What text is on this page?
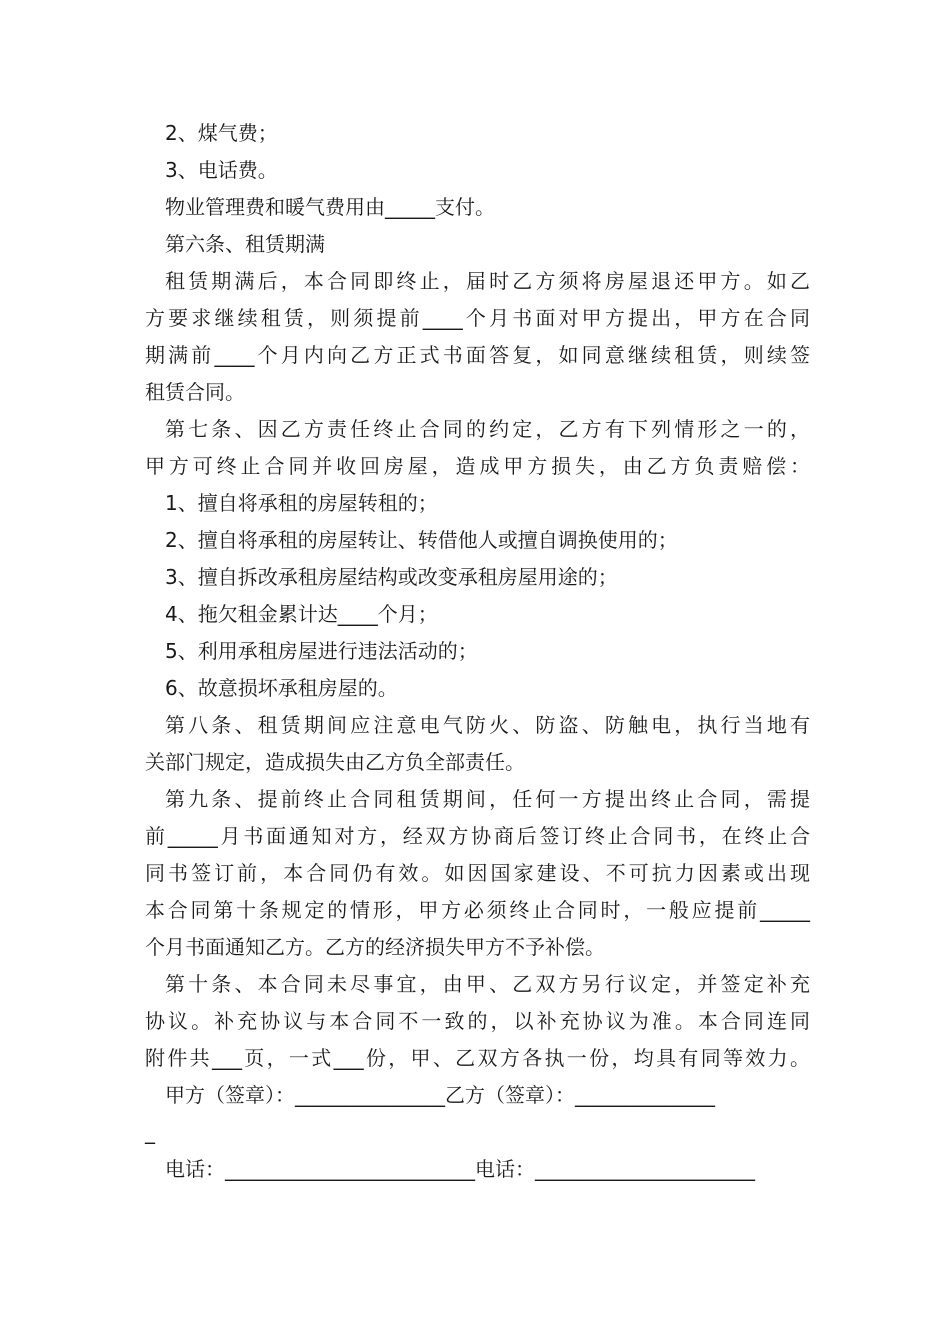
2、煤气费；
3、电话费。
物业管理费和暖气费用由_____支付。
第六条、租赁期满
租赁期满后，本合同即终止，届时乙方须将房屋退还甲方。如乙
方要求继续租赁，则须提前____个月书面对甲方提出，甲方在合同
期满前____个月内向乙方正式书面答复，如同意继续租赁，则续签
租赁合同。
第七条、因乙方责任终止合同的约定，乙方有下列情形之一的，
甲方可终止合同并收回房屋，造成甲方损失，由乙方负责赔偿：
1、擅自将承租的房屋转租的；
2、擅自将承租的房屋转让、转借他人或擅自调换使用的；
3、擅自拆改承租房屋结构或改变承租房屋用途的；
4、拖欠租金累计达____个月；
5、利用承租房屋进行违法活动的；
6、故意损坏承租房屋的。
第八条、租赁期间应注意电气防火、防盗、防触电，执行当地有
关部门规定，造成损失由乙方负全部责任。
第九条、提前终止合同租赁期间，任何一方提出终止合同，需提
前_____月书面通知对方，经双方协商后签订终止合同书，在终止合
同书签订前，本合同仍有效。如因国家建设、不可抗力因素或出现
本合同第十条规定的情形，甲方必须终止合同时，一般应提前_____
个月书面通知乙方。乙方的经济损失甲方不予补偿。
第十条、本合同未尽事宜，由甲、乙双方另行议定，并签定补充
协议。补充协议与本合同不一致的，以补充协议为准。本合同连同
附件共___页，一式___份，甲、乙双方各执一份，均具有同等效力。
甲方（签章）：_______________乙方（签章）：______________
_
电话：_________________________电话：______________________
